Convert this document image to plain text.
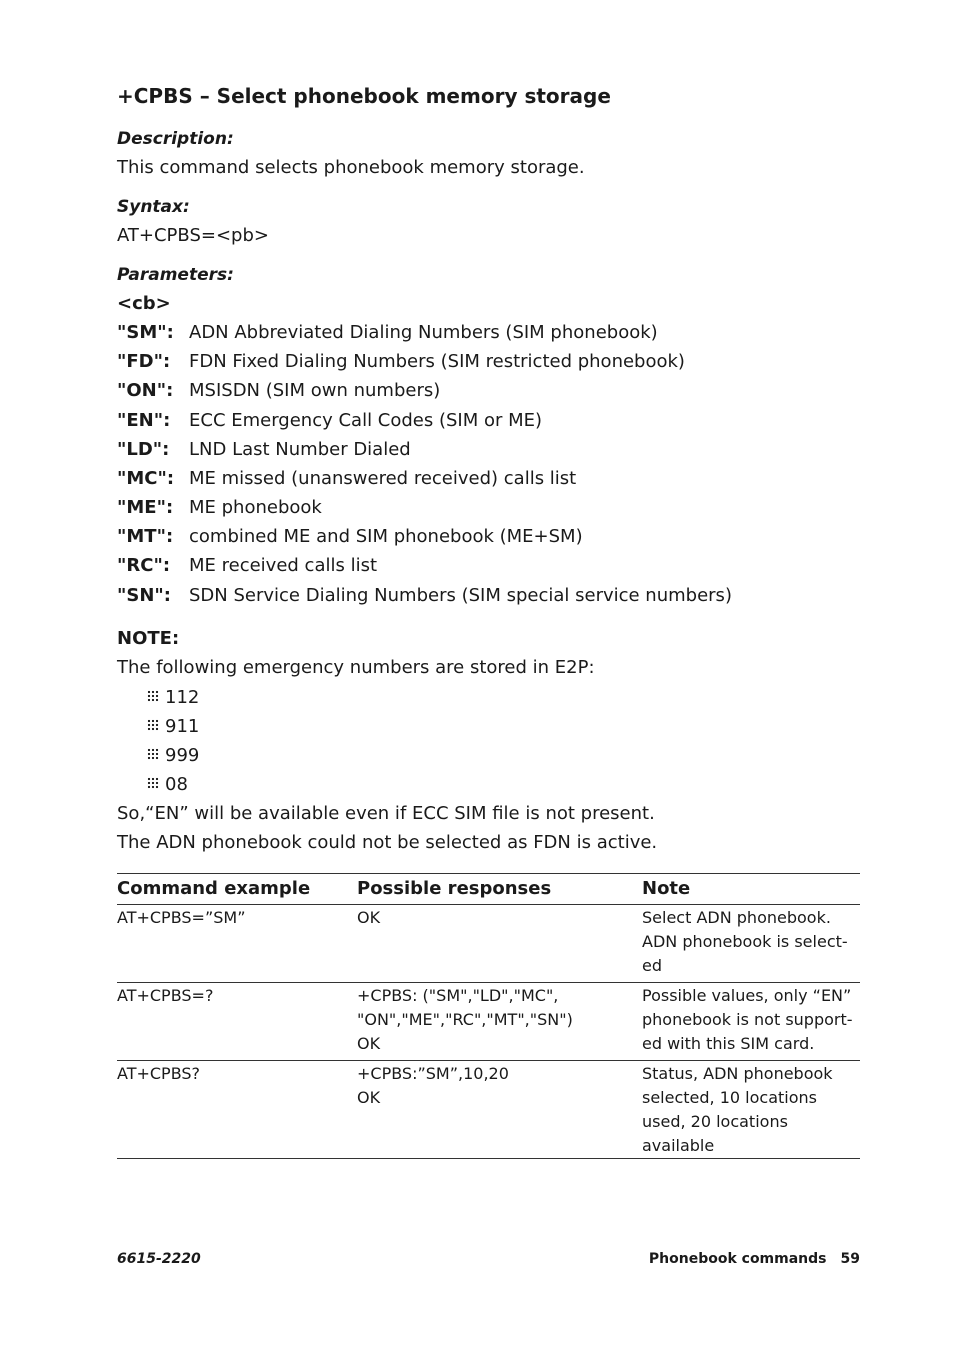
+CPBS – Select phonebook memory storage
Description:
This command selects phonebook memory storage.
Syntax:
AT+CPBS=<pb>
Parameters:
<cb>
"SM": ADN Abbreviated Dialing Numbers (SIM phonebook)
"FD": FDN Fixed Dialing Numbers (SIM restricted phonebook)
"ON": MSISDN (SIM own numbers)
"EN": ECC Emergency Call Codes (SIM or ME)
"LD": LND Last Number Dialed
"MC": ME missed (unanswered received) calls list
"ME": ME phonebook
"MT": combined ME and SIM phonebook (ME+SM)
"RC": ME received calls list
"SN": SDN Service Dialing Numbers (SIM special service numbers)
NOTE:
The following emergency numbers are stored in E2P:
112
911
999
08
So,“EN” will be available even if ECC SIM file is not present.
The ADN phonebook could not be selected as FDN is active.
Command example	Possible responses	Note
AT+CPBS=”SM”	OK	Select ADN phonebook. ADN phonebook is select-ed
AT+CPBS=?	+CPBS: ("SM","LD","MC",
"ON","ME","RC","MT","SN")
OK	Possible values, only “EN” phonebook is not support-ed with this SIM card.
AT+CPBS?	+CPBS:”SM”,10,20
OK	Status, ADN phonebook selected, 10 locations used, 20 locations available
6615-2220	Phonebook commands 59
